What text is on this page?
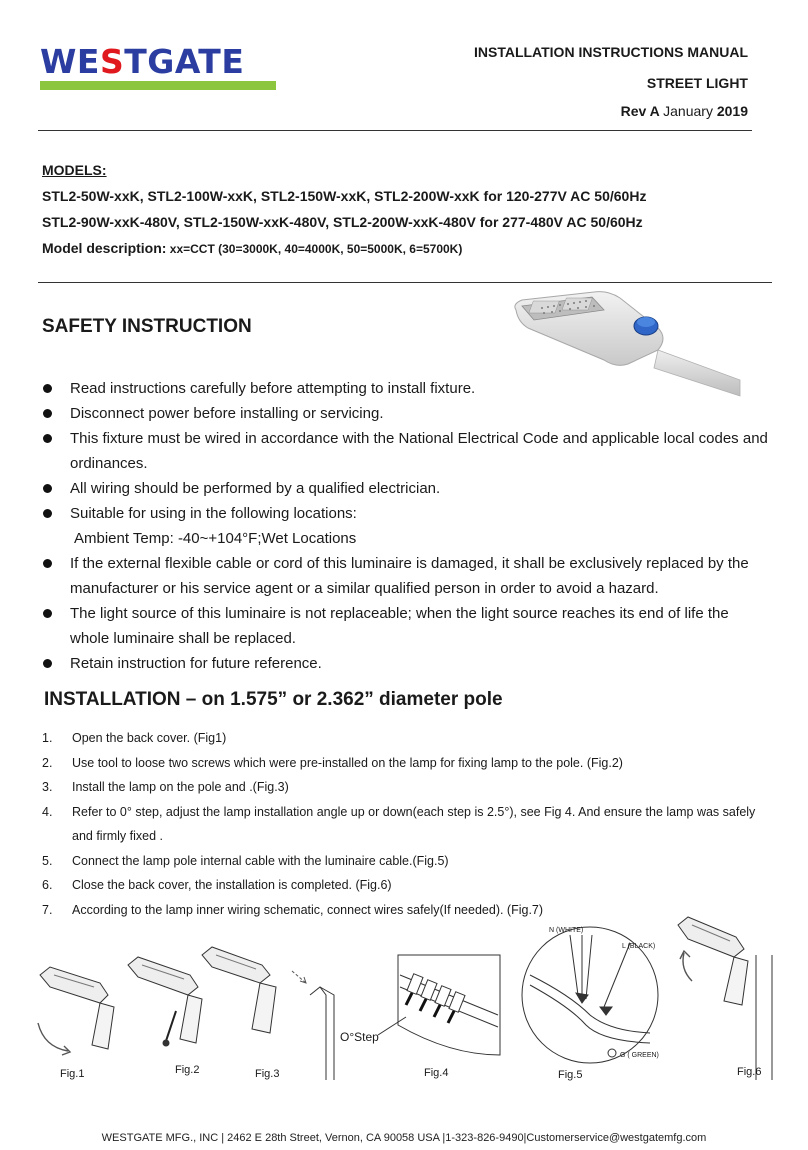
WESTGATE	INSTALLATION INSTRUCTIONS MANUAL
STREET LIGHT
Rev A January 2019
MODELS:
STL2-50W-xxK, STL2-100W-xxK, STL2-150W-xxK, STL2-200W-xxK for 120-277V AC 50/60Hz
STL2-90W-xxK-480V, STL2-150W-xxK-480V, STL2-200W-xxK-480V for 277-480V AC 50/60Hz
Model description: xx=CCT (30=3000K, 40=4000K, 50=5000K, 6=5700K)
SAFETY INSTRUCTION
Read instructions carefully before attempting to install fixture.
Disconnect power before installing or servicing.
This fixture must be wired in accordance with the National Electrical Code and applicable local codes and ordinances.
All wiring should be performed by a qualified electrician.
Suitable for using in the following locations:
Ambient Temp: -40~+104°F;Wet Locations
If the external flexible cable or cord of this luminaire is damaged, it shall be exclusively replaced by the manufacturer or his service agent or a similar qualified person in order to avoid a hazard.
The light source of this luminaire is not replaceable; when the light source reaches its end of life the whole luminaire shall be replaced.
Retain instruction for future reference.
INSTALLATION – on 1.575” or 2.362” diameter pole
1. Open the back cover. (Fig1)
2. Use tool to loose two screws which were pre-installed on the lamp for fixing lamp to the pole. (Fig.2)
3. Install the lamp on the pole and .(Fig.3)
4. Refer to 0° step, adjust the lamp installation angle up or down(each step is 2.5°), see Fig 4. And ensure the lamp was safely and firmly fixed .
5. Connect the lamp pole internal cable with the luminaire cable.(Fig.5)
6. Close the back cover, the installation is completed. (Fig.6)
7. According to the lamp inner wiring schematic, connect wires safely(If needed). (Fig.7)
Fig.1	Fig.2	Fig.3	Fig.4	Fig.5	Fig.6
O°Step
N (WHITE)
L (BLACK)
G ( GREEN)
WESTGATE MFG., INC | 2462 E 28th Street, Vernon, CA 90058 USA |1-323-826-9490|Customerservice@westgatemfg.com
